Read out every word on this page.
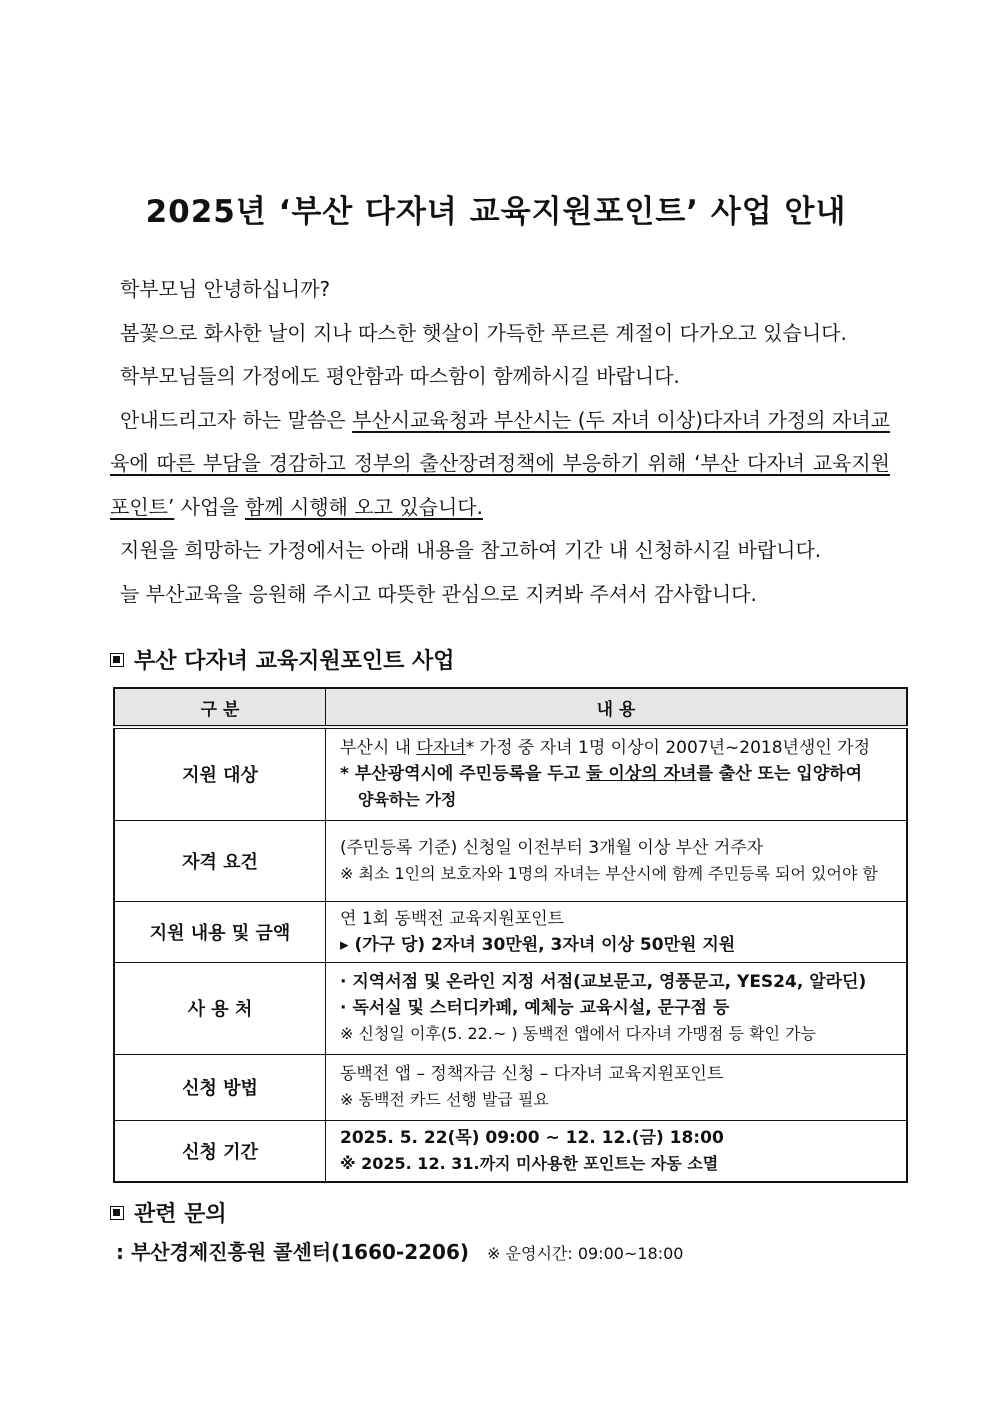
2025년 ‘부산 다자녀 교육지원포인트’ 사업 안내
학부모님 안녕하십니까?
봄꽃으로 화사한 날이 지나 따스한 햇살이 가득한 푸르른 계절이 다가오고 있습니다.
학부모님들의 가정에도 평안함과 따스함이 함께하시길 바랍니다.
안내드리고자 하는 말씀은 부산시교육청과 부산시는 (두 자녀 이상)다자녀 가정의 자녀교육에 따른 부담을 경감하고 정부의 출산장려정책에 부응하기 위해 ‘부산 다자녀 교육지원포인트’ 사업을 함께 시행해 오고 있습니다.
지원을 희망하는 가정에서는 아래 내용을 참고하여 기간 내 신청하시길 바랍니다.
늘 부산교육을 응원해 주시고 따뜻한 관심으로 지켜봐 주셔서 감사합니다.
부산 다자녀 교육지원포인트 사업
구 분	내 용
지원 대상	부산시 내 다자녀* 가정 중 자녀 1명 이상이 2007년~2018년생인 가정
* 부산광역시에 주민등록을 두고 둘 이상의 자녀를 출산 또는 입양하여
양육하는 가정

자격 요건	(주민등록 기준) 신청일 이전부터 3개월 이상 부산 거주자
※ 최소 1인의 보호자와 1명의 자녀는 부산시에 함께 주민등록 되어 있어야 함

지원 내용 및 금액	연 1회 동백전 교육지원포인트
▸ (가구 당) 2자녀 30만원, 3자녀 이상 50만원 지원

사 용 처	· 지역서점 및 온라인 지정 서점(교보문고, 영풍문고, YES24, 알라딘)
· 독서실 및 스터디카페, 예체능 교육시설, 문구점 등
※ 신청일 이후(5. 22.~ ) 동백전 앱에서 다자녀 가맹점 등 확인 가능

신청 방법	동백전 앱 – 정책자금 신청 – 다자녀 교육지원포인트
※ 동백전 카드 선행 발급 필요

신청 기간	2025. 5. 22(목) 09:00 ~ 12. 12.(금) 18:00
※ 2025. 12. 31.까지 미사용한 포인트는 자동 소멸
관련 문의
: 부산경제진흥원 콜센터(1660-2206) ※ 운영시간: 09:00~18:00
